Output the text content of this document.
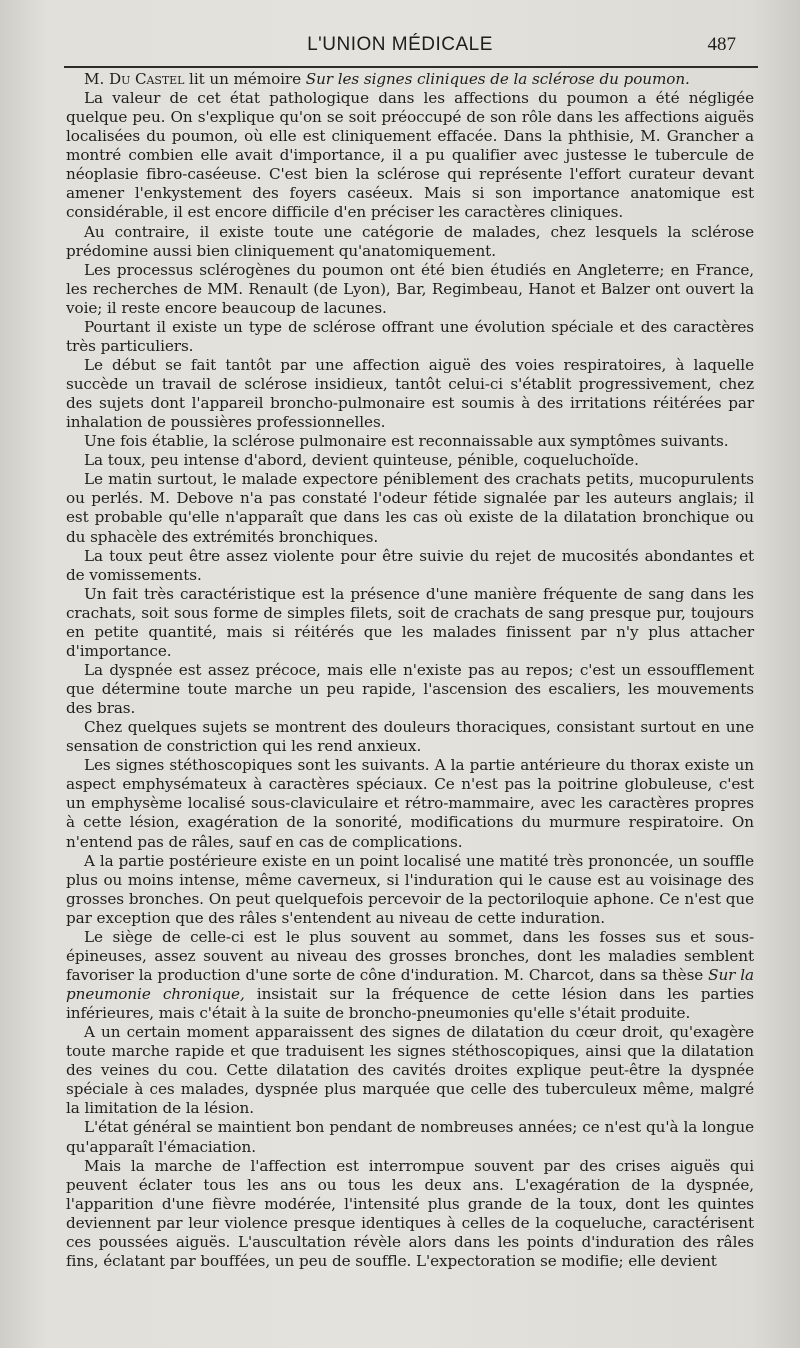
L'UNION MÉDICALE	487

M. Du Castel lit un mémoire Sur les signes cliniques de la sclérose du poumon.

La valeur de cet état pathologique dans les affections du poumon a été négligée quelque peu. On s'explique qu'on se soit préoccupé de son rôle dans les affections aiguës localisées du poumon, où elle est cliniquement effacée. Dans la phthisie, M. Grancher a montré combien elle avait d'importance, il a pu qualifier avec justesse le tubercule de néoplasie fibro-caséeuse. C'est bien la sclérose qui représente l'effort curateur devant amener l'enkystement des foyers caséeux. Mais si son importance anatomique est considérable, il est encore difficile d'en préciser les caractères cliniques.

Au contraire, il existe toute une catégorie de malades, chez lesquels la sclérose prédomine aussi bien cliniquement qu'anatomiquement.

Les processus sclérogènes du poumon ont été bien étudiés en Angleterre; en France, les recherches de MM. Renault (de Lyon), Bar, Regimbeau, Hanot et Balzer ont ouvert la voie; il reste encore beaucoup de lacunes.

Pourtant il existe un type de sclérose offrant une évolution spéciale et des caractères très particuliers.

Le début se fait tantôt par une affection aiguë des voies respiratoires, à laquelle succède un travail de sclérose insidieux, tantôt celui-ci s'établit progressivement, chez des sujets dont l'appareil broncho-pulmonaire est soumis à des irritations réitérées par inhalation de poussières professionnelles.

Une fois établie, la sclérose pulmonaire est reconnaissable aux symptômes suivants.

La toux, peu intense d'abord, devient quinteuse, pénible, coqueluchoïde.

Le matin surtout, le malade expectore péniblement des crachats petits, mucopurulents ou perlés. M. Debove n'a pas constaté l'odeur fétide signalée par les auteurs anglais; il est probable qu'elle n'apparaît que dans les cas où existe de la dilatation bronchique ou du sphacèle des extrémités bronchiques.

La toux peut être assez violente pour être suivie du rejet de mucosités abondantes et de vomissements.

Un fait très caractéristique est la présence d'une manière fréquente de sang dans les crachats, soit sous forme de simples filets, soit de crachats de sang presque pur, toujours en petite quantité, mais si réitérés que les malades finissent par n'y plus attacher d'importance.

La dyspnée est assez précoce, mais elle n'existe pas au repos; c'est un essoufflement que détermine toute marche un peu rapide, l'ascension des escaliers, les mouvements des bras.

Chez quelques sujets se montrent des douleurs thoraciques, consistant surtout en une sensation de constriction qui les rend anxieux.

Les signes stéthoscopiques sont les suivants. A la partie antérieure du thorax existe un aspect emphysémateux à caractères spéciaux. Ce n'est pas la poitrine globuleuse, c'est un emphysème localisé sous-claviculaire et rétro-mammaire, avec les caractères propres à cette lésion, exagération de la sonorité, modifications du murmure respiratoire. On n'entend pas de râles, sauf en cas de complications.

A la partie postérieure existe en un point localisé une matité très prononcée, un souffle plus ou moins intense, même caverneux, si l'induration qui le cause est au voisinage des grosses bronches. On peut quelquefois percevoir de la pectoriloquie aphone. Ce n'est que par exception que des râles s'entendent au niveau de cette induration.

Le siège de celle-ci est le plus souvent au sommet, dans les fosses sus et sous-épineuses, assez souvent au niveau des grosses bronches, dont les maladies semblent favoriser la production d'une sorte de cône d'induration. M. Charcot, dans sa thèse Sur la pneumonie chronique, insistait sur la fréquence de cette lésion dans les parties inférieures, mais c'était à la suite de broncho-pneumonies qu'elle s'était produite.

A un certain moment apparaissent des signes de dilatation du cœur droit, qu'exagère toute marche rapide et que traduisent les signes stéthoscopiques, ainsi que la dilatation des veines du cou. Cette dilatation des cavités droites explique peut-être la dyspnée spéciale à ces malades, dyspnée plus marquée que celle des tuberculeux même, malgré la limitation de la lésion.

L'état général se maintient bon pendant de nombreuses années; ce n'est qu'à la longue qu'apparaît l'émaciation.

Mais la marche de l'affection est interrompue souvent par des crises aiguës qui peuvent éclater tous les ans ou tous les deux ans. L'exagération de la dyspnée, l'apparition d'une fièvre modérée, l'intensité plus grande de la toux, dont les quintes deviennent par leur violence presque identiques à celles de la coqueluche, caractérisent ces poussées aiguës. L'auscultation révèle alors dans les points d'induration des râles fins, éclatant par bouffées, un peu de souffle. L'expectoration se modifie; elle devient
